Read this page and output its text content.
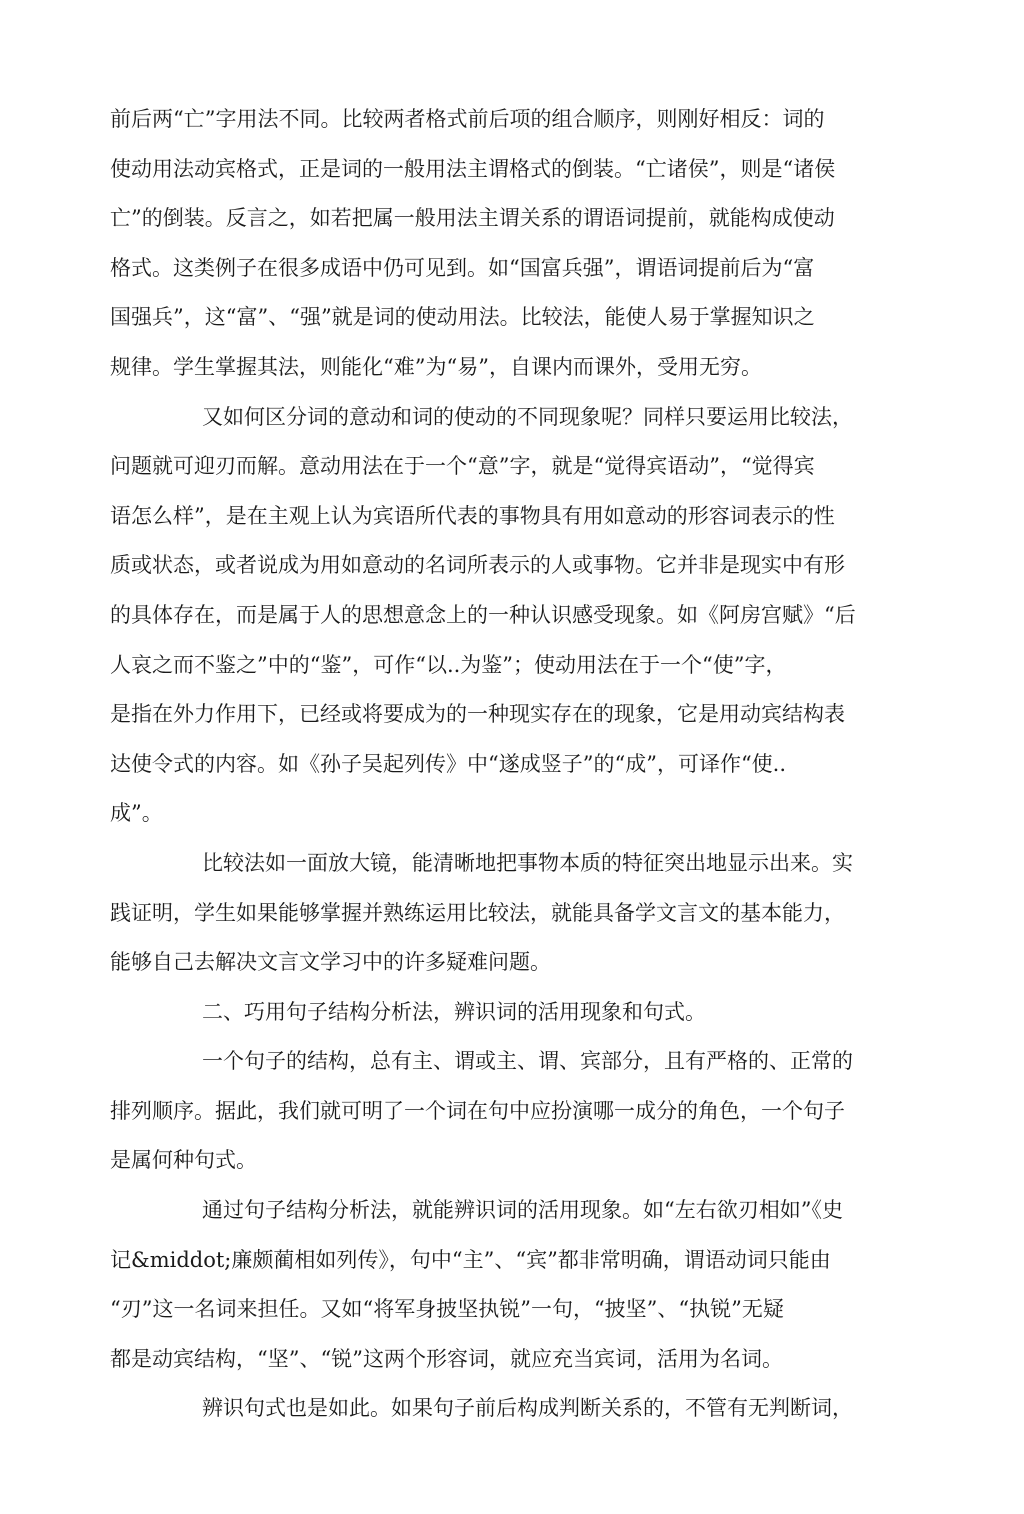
前后两“亡”字用法不同。比较两者格式前后项的组合顺序，则刚好相反：词的

使动用法动宾格式，正是词的一般用法主谓格式的倒装。“亡诸侯”，则是“诸侯

亡”的倒装。反言之，如若把属一般用法主谓关系的谓语词提前，就能构成使动

格式。这类例子在很多成语中仍可见到。如“国富兵强”，谓语词提前后为“富

国强兵”，这“富”、“强”就是词的使动用法。比较法，能使人易于掌握知识之

规律。学生掌握其法，则能化“难”为“易”，自课内而课外，受用无穷。

又如何区分词的意动和词的使动的不同现象呢？同样只要运用比较法，

问题就可迎刃而解。意动用法在于一个“意”字，就是“觉得宾语动”，“觉得宾

语怎么样”，是在主观上认为宾语所代表的事物具有用如意动的形容词表示的性

质或状态，或者说成为用如意动的名词所表示的人或事物。它并非是现实中有形

的具体存在，而是属于人的思想意念上的一种认识感受现象。如《阿房宫赋》“后

人哀之而不鉴之”中的“鉴”，可作“以..为鉴”；使动用法在于一个“使”字，

是指在外力作用下，已经或将要成为的一种现实存在的现象，它是用动宾结构表

达使令式的内容。如《孙子吴起列传》中“遂成竖子”的“成”，可译作“使..

成”。

比较法如一面放大镜，能清晰地把事物本质的特征突出地显示出来。实

践证明，学生如果能够掌握并熟练运用比较法，就能具备学文言文的基本能力，

能够自己去解决文言文学习中的许多疑难问题。

二、巧用句子结构分析法，辨识词的活用现象和句式。

一个句子的结构，总有主、谓或主、谓、宾部分，且有严格的、正常的

排列顺序。据此，我们就可明了一个词在句中应扮演哪一成分的角色，一个句子

是属何种句式。

通过句子结构分析法，就能辨识词的活用现象。如“左右欲刃相如”《史

记&middot;廉颇蔺相如列传》，句中“主”、“宾”都非常明确，谓语动词只能由

“刃”这一名词来担任。又如“将军身披坚执锐”一句，“披坚”、“执锐”无疑

都是动宾结构，“坚”、“锐”这两个形容词，就应充当宾词，活用为名词。

辨识句式也是如此。如果句子前后构成判断关系的，不管有无判断词，
